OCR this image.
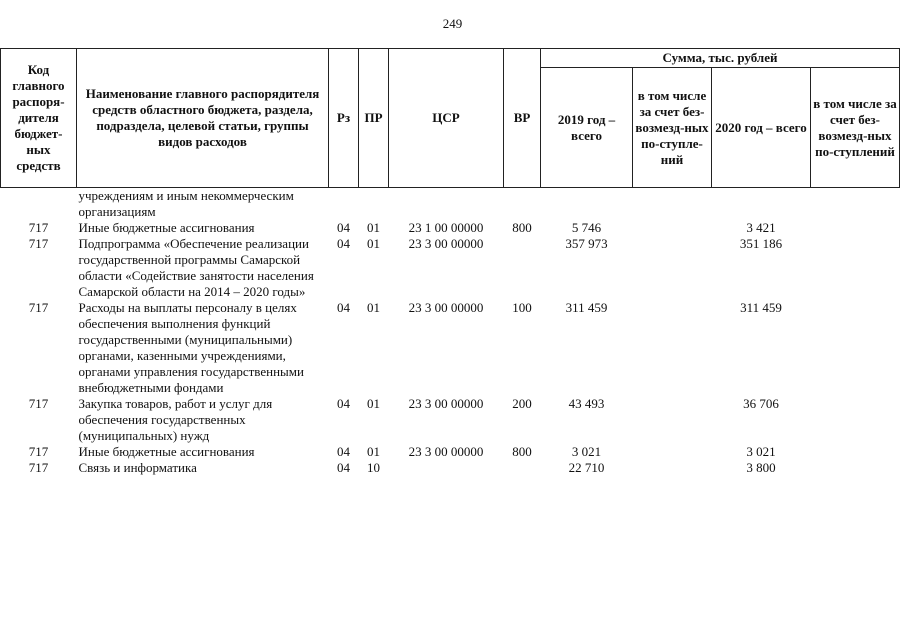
249
Код главного распоря-дителя бюджет-ных средств	Наименование главного распорядителя средств областного бюджета, раздела, подраздела, целевой статьи, группы видов расходов	Рз	ПР	ЦСР	ВР	Сумма, тыс. рублей			
						2019 год – всего	в том числе за счет без-возмезд-ных по-ступле-ний	2020 год – всего	в том числе за счет без-возмезд-ных по-ступлений
	учреждениям и иным некоммерческим организациям								
717	Иные бюджетные ассигнования	04	01	23 1 00 00000	800	5 746		3 421	
717	Подпрограмма «Обеспечение реализации государственной программы Самарской области «Содействие занятости населения Самарской области на 2014 – 2020 годы»	04	01	23 3 00 00000		357 973		351 186	
717	Расходы на выплаты персоналу в целях обеспечения выполнения функций государственными (муниципальными) органами, казенными учреждениями, органами управления государственными внебюджетными фондами	04	01	23 3 00 00000	100	311 459		311 459	
717	Закупка товаров, работ и услуг для обеспечения государственных (муниципальных) нужд	04	01	23 3 00 00000	200	43 493		36 706	
717	Иные бюджетные ассигнования	04	01	23 3 00 00000	800	3 021		3 021	
717	Связь и информатика	04	10			22 710		3 800	
